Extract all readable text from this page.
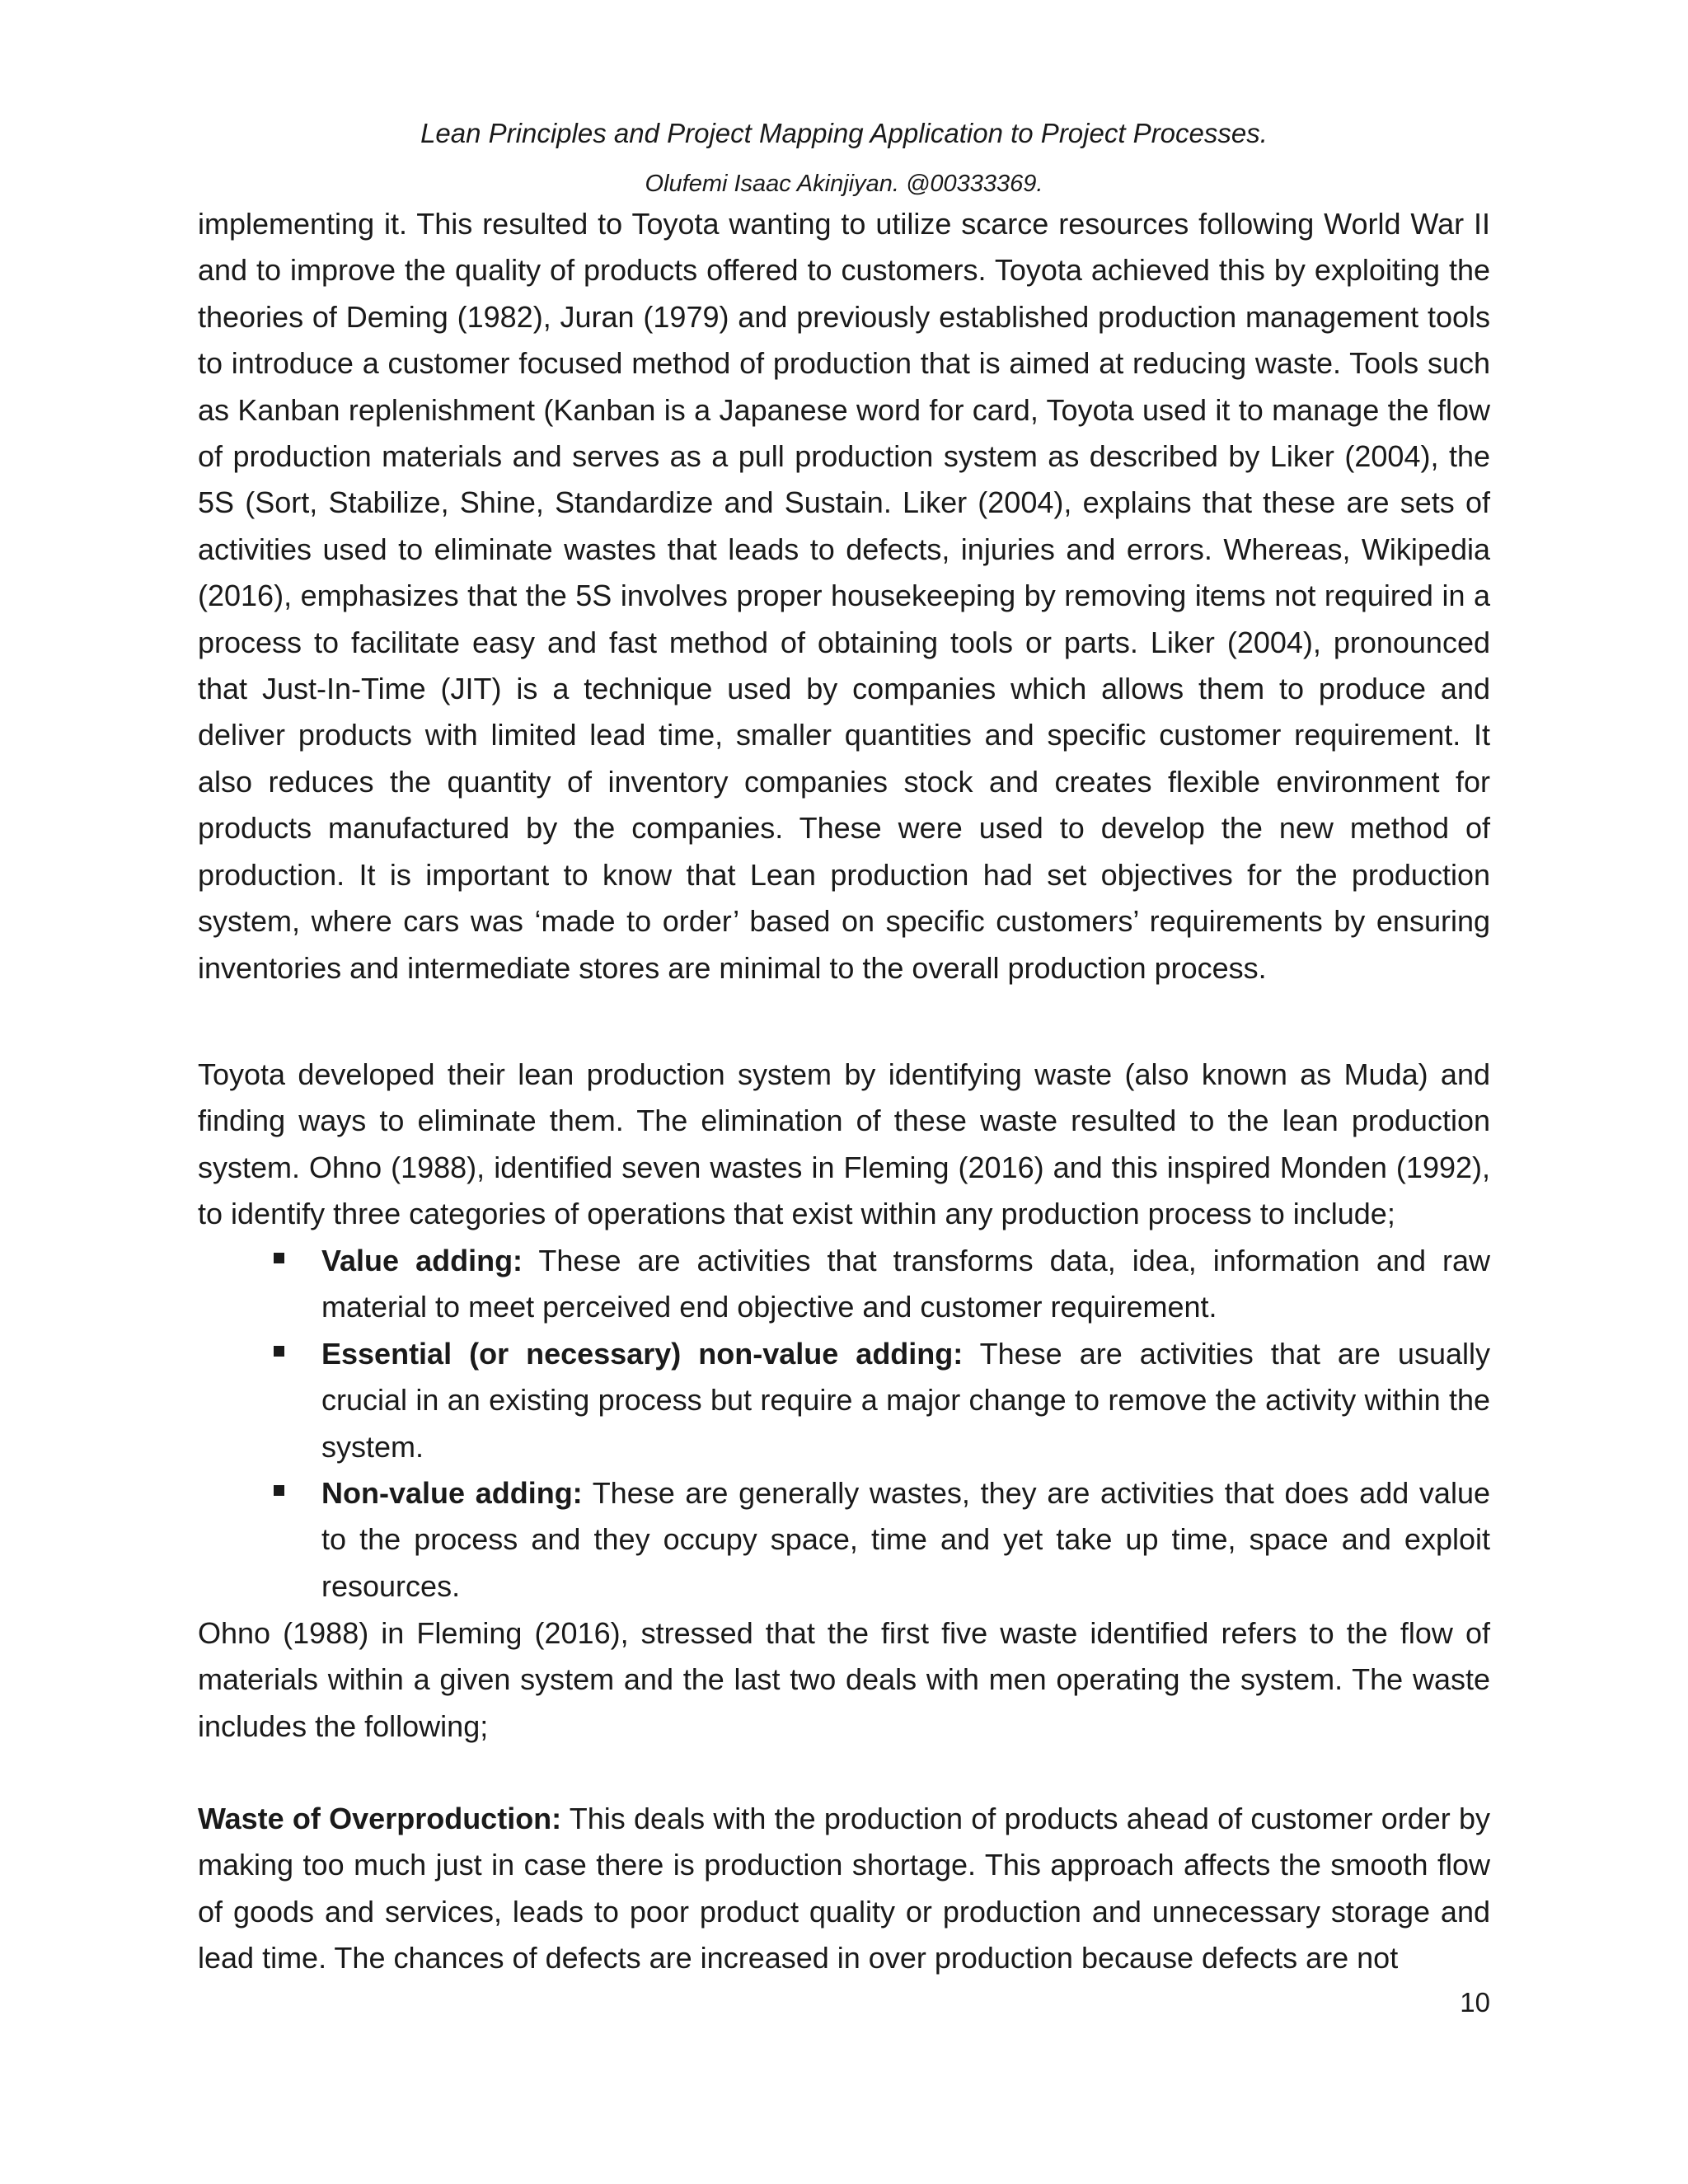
Lean Principles and Project Mapping Application to Project Processes.
Olufemi Isaac Akinjiyan. @00333369.

implementing it. This resulted to Toyota wanting to utilize scarce resources following World War II and to improve the quality of products offered to customers. Toyota achieved this by exploiting the theories of Deming (1982), Juran (1979) and previously established production management tools to introduce a customer focused method of production that is aimed at reducing waste. Tools such as Kanban replenishment (Kanban is a Japanese word for card, Toyota used it to manage the flow of production materials and serves as a pull production system as described by Liker (2004), the 5S (Sort, Stabilize, Shine, Standardize and Sustain. Liker (2004), explains that these are sets of activities used to eliminate wastes that leads to defects, injuries and errors. Whereas, Wikipedia (2016), emphasizes that the 5S involves proper housekeeping by removing items not required in a process to facilitate easy and fast method of obtaining tools or parts. Liker (2004), pronounced that Just-In-Time (JIT) is a technique used by companies which allows them to produce and deliver products with limited lead time, smaller quantities and specific customer requirement. It also reduces the quantity of inventory companies stock and creates flexible environment for products manufactured by the companies. These were used to develop the new method of production. It is important to know that Lean production had set objectives for the production system, where cars was ‘made to order’ based on specific customers’ requirements by ensuring inventories and intermediate stores are minimal to the overall production process.

Toyota developed their lean production system by identifying waste (also known as Muda) and finding ways to eliminate them. The elimination of these waste resulted to the lean production system. Ohno (1988), identified seven wastes in Fleming (2016) and this inspired Monden (1992), to identify three categories of operations that exist within any production process to include;

Value adding: These are activities that transforms data, idea, information and raw material to meet perceived end objective and customer requirement.
Essential (or necessary) non-value adding: These are activities that are usually crucial in an existing process but require a major change to remove the activity within the system.
Non-value adding: These are generally wastes, they are activities that does add value to the process and they occupy space, time and yet take up time, space and exploit resources.

Ohno (1988) in Fleming (2016), stressed that the first five waste identified refers to the flow of materials within a given system and the last two deals with men operating the system. The waste includes the following;

Waste of Overproduction: This deals with the production of products ahead of customer order by making too much just in case there is production shortage. This approach affects the smooth flow of goods and services, leads to poor product quality or production and unnecessary storage and lead time. The chances of defects are increased in over production because defects are not

10
